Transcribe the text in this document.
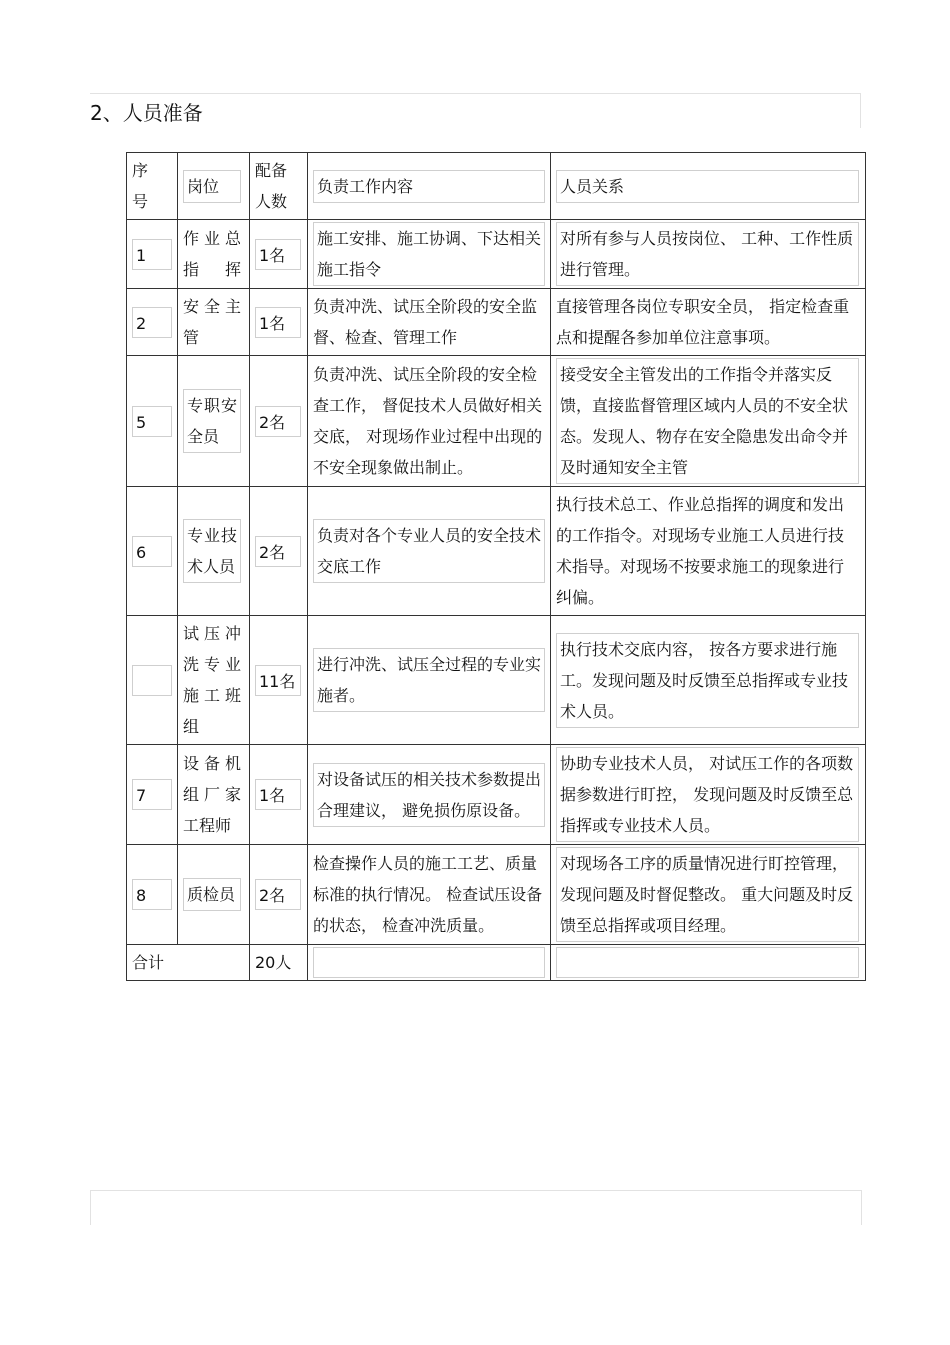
2、人员准备
序号	岗位	配备人数	负责工作内容	人员关系

1	作业总指挥	1名	施工安排、施工协调、下达相关施工指令	对所有参与人员按岗位、 工种、工作性质进行管理。

2	安全主管	1名	负责冲洗、试压全阶段的安全监督、检查、管理工作	直接管理各岗位专职安全员， 指定检查重点和提醒各参加单位注意事项。

5	专职安全员	2名	负责冲洗、试压全阶段的安全检查工作， 督促技术人员做好相关交底， 对现场作业过程中出现的不安全现象做出制止。	接受安全主管发出的工作指令并落实反馈，直接监督管理区域内人员的不安全状态。发现人、物存在安全隐患发出命令并及时通知安全主管

6	专业技术人员	2名	负责对各个专业人员的安全技术交底工作	执行技术总工、作业总指挥的调度和发出的工作指令。对现场专业施工人员进行技术指导。对现场不按要求施工的现象进行纠偏。

	试压冲洗专业施工班组	11名	进行冲洗、试压全过程的专业实施者。	执行技术交底内容， 按各方要求进行施工。发现问题及时反馈至总指挥或专业技术人员。

7	设备机组厂家工程师	1名	对设备试压的相关技术参数提出合理建议， 避免损伤原设备。	协助专业技术人员， 对试压工作的各项数据参数进行盯控， 发现问题及时反馈至总指挥或专业技术人员。

8	质检员	2名	检查操作人员的施工工艺、质量标准的执行情况。 检查试压设备的状态， 检查冲洗质量。	对现场各工序的质量情况进行盯控管理，发现问题及时督促整改。 重大问题及时反馈至总指挥或项目经理。

合计		20人		
